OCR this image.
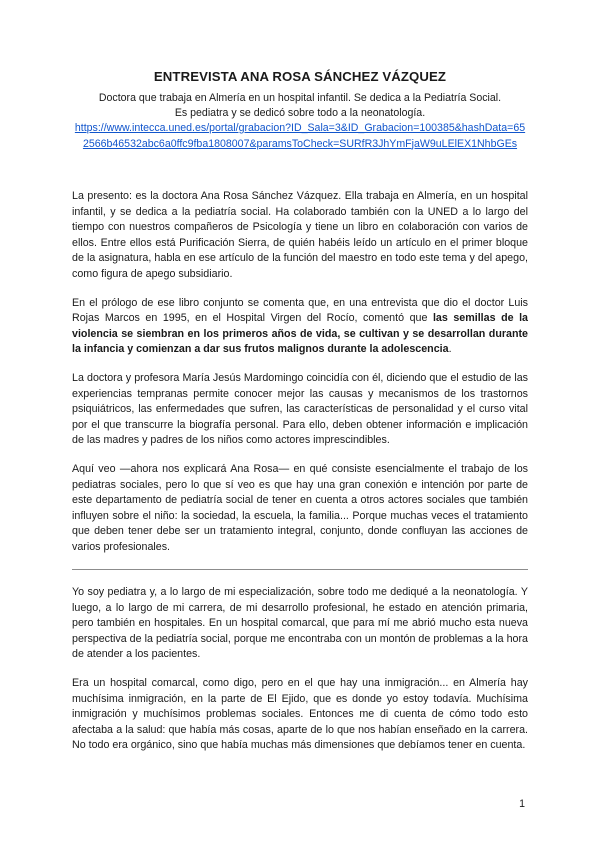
ENTREVISTA ANA ROSA SÁNCHEZ VÁZQUEZ

Doctora que trabaja en Almería en un hospital infantil. Se dedica a la Pediatría Social.

Es pediatra y se dedicó sobre todo a la neonatología.

https://www.intecca.uned.es/portal/grabacion?ID_Sala=3&ID_Grabacion=100385&hashData=652566b46532abc6a0ffc9fba1808007&paramsToCheck=SURfR3JhYmFjaW9uLElEX1NhbGEs

La presento: es la doctora Ana Rosa Sánchez Vázquez. Ella trabaja en Almería, en un hospital infantil, y se dedica a la pediatría social. Ha colaborado también con la UNED a lo largo del tiempo con nuestros compañeros de Psicología y tiene un libro en colaboración con varios de ellos. Entre ellos está Purificación Sierra, de quién habéis leído un artículo en el primer bloque de la asignatura, habla en ese artículo de la función del maestro en todo este tema y del apego, como figura de apego subsidiario.

En el prólogo de ese libro conjunto se comenta que, en una entrevista que dio el doctor Luis Rojas Marcos en 1995, en el Hospital Virgen del Rocío, comentó que las semillas de la violencia se siembran en los primeros años de vida, se cultivan y se desarrollan durante la infancia y comienzan a dar sus frutos malignos durante la adolescencia.

La doctora y profesora María Jesús Mardomingo coincidía con él, diciendo que el estudio de las experiencias tempranas permite conocer mejor las causas y mecanismos de los trastornos psiquiátricos, las enfermedades que sufren, las características de personalidad y el curso vital por el que transcurre la biografía personal. Para ello, deben obtener información e implicación de las madres y padres de los niños como actores imprescindibles.

Aquí veo —ahora nos explicará Ana Rosa— en qué consiste esencialmente el trabajo de los pediatras sociales, pero lo que sí veo es que hay una gran conexión e intención por parte de este departamento de pediatría social de tener en cuenta a otros actores sociales que también influyen sobre el niño: la sociedad, la escuela, la familia... Porque muchas veces el tratamiento que deben tener debe ser un tratamiento integral, conjunto, donde confluyan las acciones de varios profesionales.

Yo soy pediatra y, a lo largo de mi especialización, sobre todo me dediqué a la neonatología. Y luego, a lo largo de mi carrera, de mi desarrollo profesional, he estado en atención primaria, pero también en hospitales. En un hospital comarcal, que para mí me abrió mucho esta nueva perspectiva de la pediatría social, porque me encontraba con un montón de problemas a la hora de atender a los pacientes.

Era un hospital comarcal, como digo, pero en el que hay una inmigración... en Almería hay muchísima inmigración, en la parte de El Ejido, que es donde yo estoy todavía. Muchísima inmigración y muchísimos problemas sociales. Entonces me di cuenta de cómo todo esto afectaba a la salud: que había más cosas, aparte de lo que nos habían enseñado en la carrera. No todo era orgánico, sino que había muchas más dimensiones que debíamos tener en cuenta.

1
